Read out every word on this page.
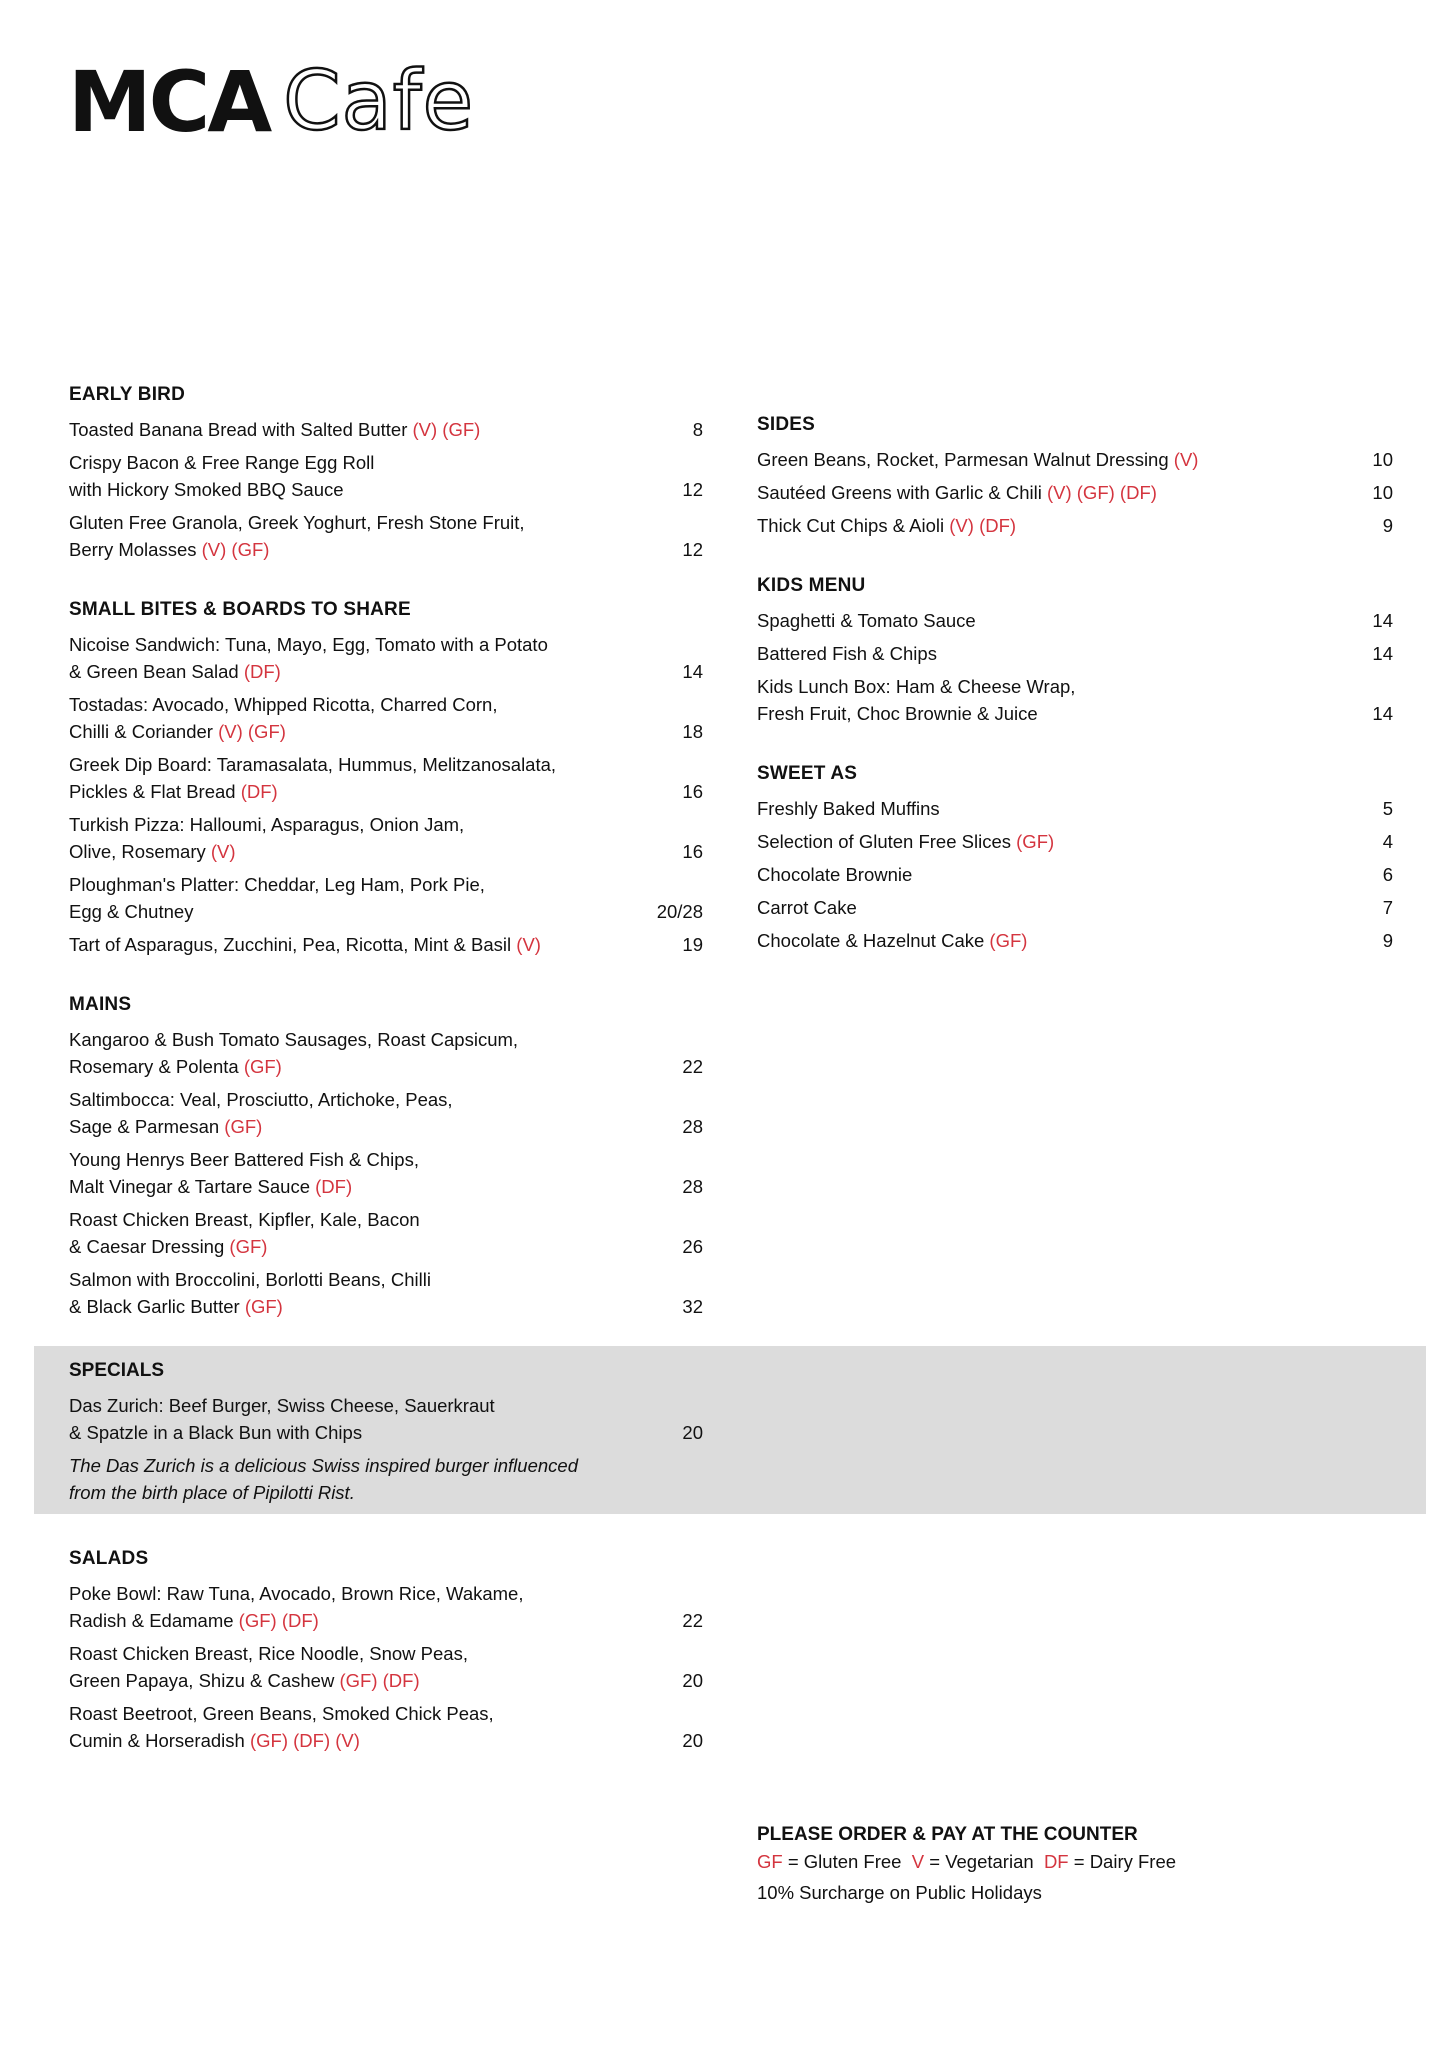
MCA Cafe
EARLY BIRD
Toasted Banana Bread with Salted Butter (V) (GF)	8
Crispy Bacon & Free Range Egg Roll
with Hickory Smoked BBQ Sauce	12
Gluten Free Granola, Greek Yoghurt, Fresh Stone Fruit,
Berry Molasses (V) (GF)	12
SMALL BITES & BOARDS TO SHARE
Nicoise Sandwich: Tuna, Mayo, Egg, Tomato with a Potato
& Green Bean Salad (DF)	14
Tostadas: Avocado, Whipped Ricotta, Charred Corn,
Chilli & Coriander (V) (GF)	18
Greek Dip Board: Taramasalata, Hummus, Melitzanosalata,
Pickles & Flat Bread (DF)	16
Turkish Pizza: Halloumi, Asparagus, Onion Jam,
Olive, Rosemary (V)	16
Ploughman's Platter: Cheddar, Leg Ham, Pork Pie,
Egg & Chutney	20/28
Tart of Asparagus, Zucchini, Pea, Ricotta, Mint & Basil (V)	19
MAINS
Kangaroo & Bush Tomato Sausages, Roast Capsicum,
Rosemary & Polenta (GF)	22
Saltimbocca: Veal, Prosciutto, Artichoke, Peas,
Sage & Parmesan (GF)	28
Young Henrys Beer Battered Fish & Chips,
Malt Vinegar & Tartare Sauce (DF)	28
Roast Chicken Breast, Kipfler, Kale, Bacon
& Caesar Dressing (GF)	26
Salmon with Broccolini, Borlotti Beans, Chilli
& Black Garlic Butter (GF)	32
SIDES
Green Beans, Rocket, Parmesan Walnut Dressing (V)	10
Sautéed Greens with Garlic & Chili (V) (GF) (DF)	10
Thick Cut Chips & Aioli (V) (DF)	9
KIDS MENU
Spaghetti & Tomato Sauce	14
Battered Fish & Chips	14
Kids Lunch Box: Ham & Cheese Wrap,
Fresh Fruit, Choc Brownie & Juice	14
SWEET AS
Freshly Baked Muffins	5
Selection of Gluten Free Slices (GF)	4
Chocolate Brownie	6
Carrot Cake	7
Chocolate & Hazelnut Cake (GF)	9
SPECIALS
Das Zurich: Beef Burger, Swiss Cheese, Sauerkraut
& Spatzle in a Black Bun with Chips	20
The Das Zurich is a delicious Swiss inspired burger influenced
from the birth place of Pipilotti Rist.
SALADS
Poke Bowl: Raw Tuna, Avocado, Brown Rice, Wakame,
Radish & Edamame (GF) (DF)	22
Roast Chicken Breast, Rice Noodle, Snow Peas,
Green Papaya, Shizu & Cashew (GF) (DF)	20
Roast Beetroot, Green Beans, Smoked Chick Peas,
Cumin & Horseradish (GF) (DF) (V)	20
PLEASE ORDER & PAY AT THE COUNTER
GF = Gluten Free  V = Vegetarian  DF = Dairy Free
10% Surcharge on Public Holidays
